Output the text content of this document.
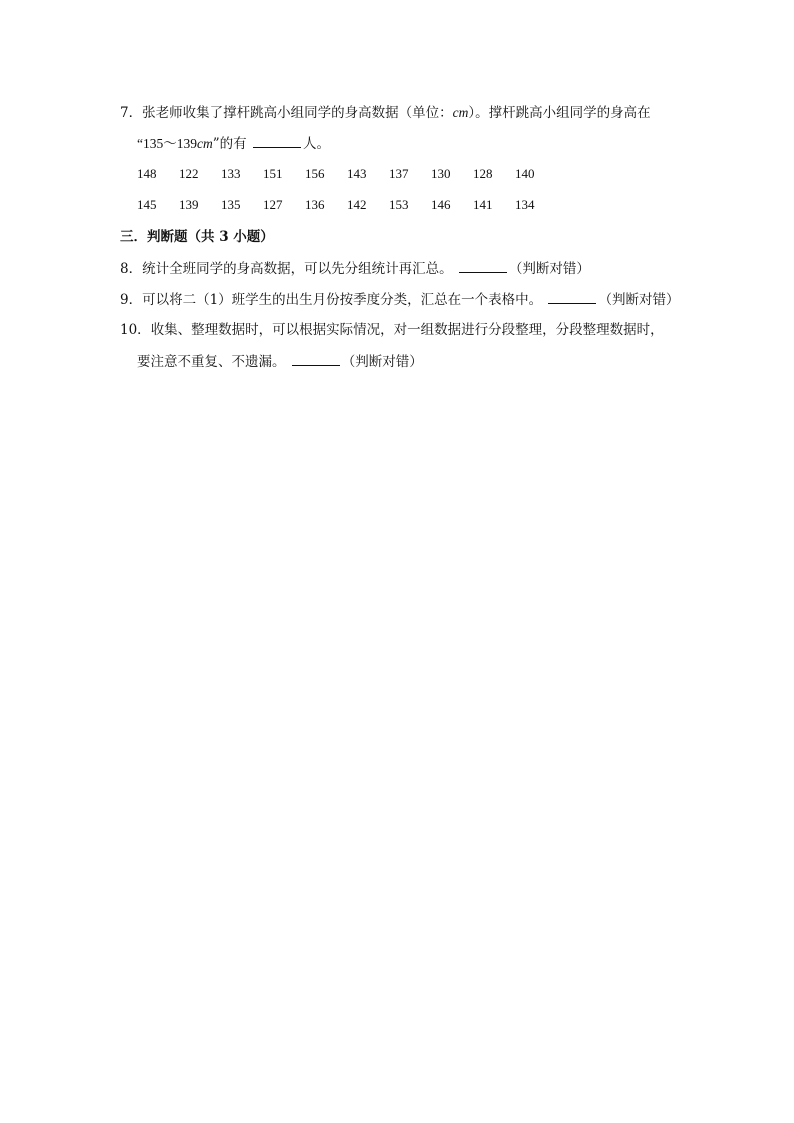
7．张老师收集了撑杆跳高小组同学的身高数据（单位：cm）。撑杆跳高小组同学的身高在
“135～139cm”的有	人。
148	122	133	151	156	143	137	130	128	140
145	139	135	127	136	142	153	146	141	134
三．判断题（共 3 小题）
8．统计全班同学的身高数据，可以先分组统计再汇总。	（判断对错）
9．可以将二（1）班学生的出生月份按季度分类，汇总在一个表格中。	（判断对错）
10．收集、整理数据时，可以根据实际情况，对一组数据进行分段整理，分段整理数据时，
要注意不重复、不遗漏。	（判断对错）
